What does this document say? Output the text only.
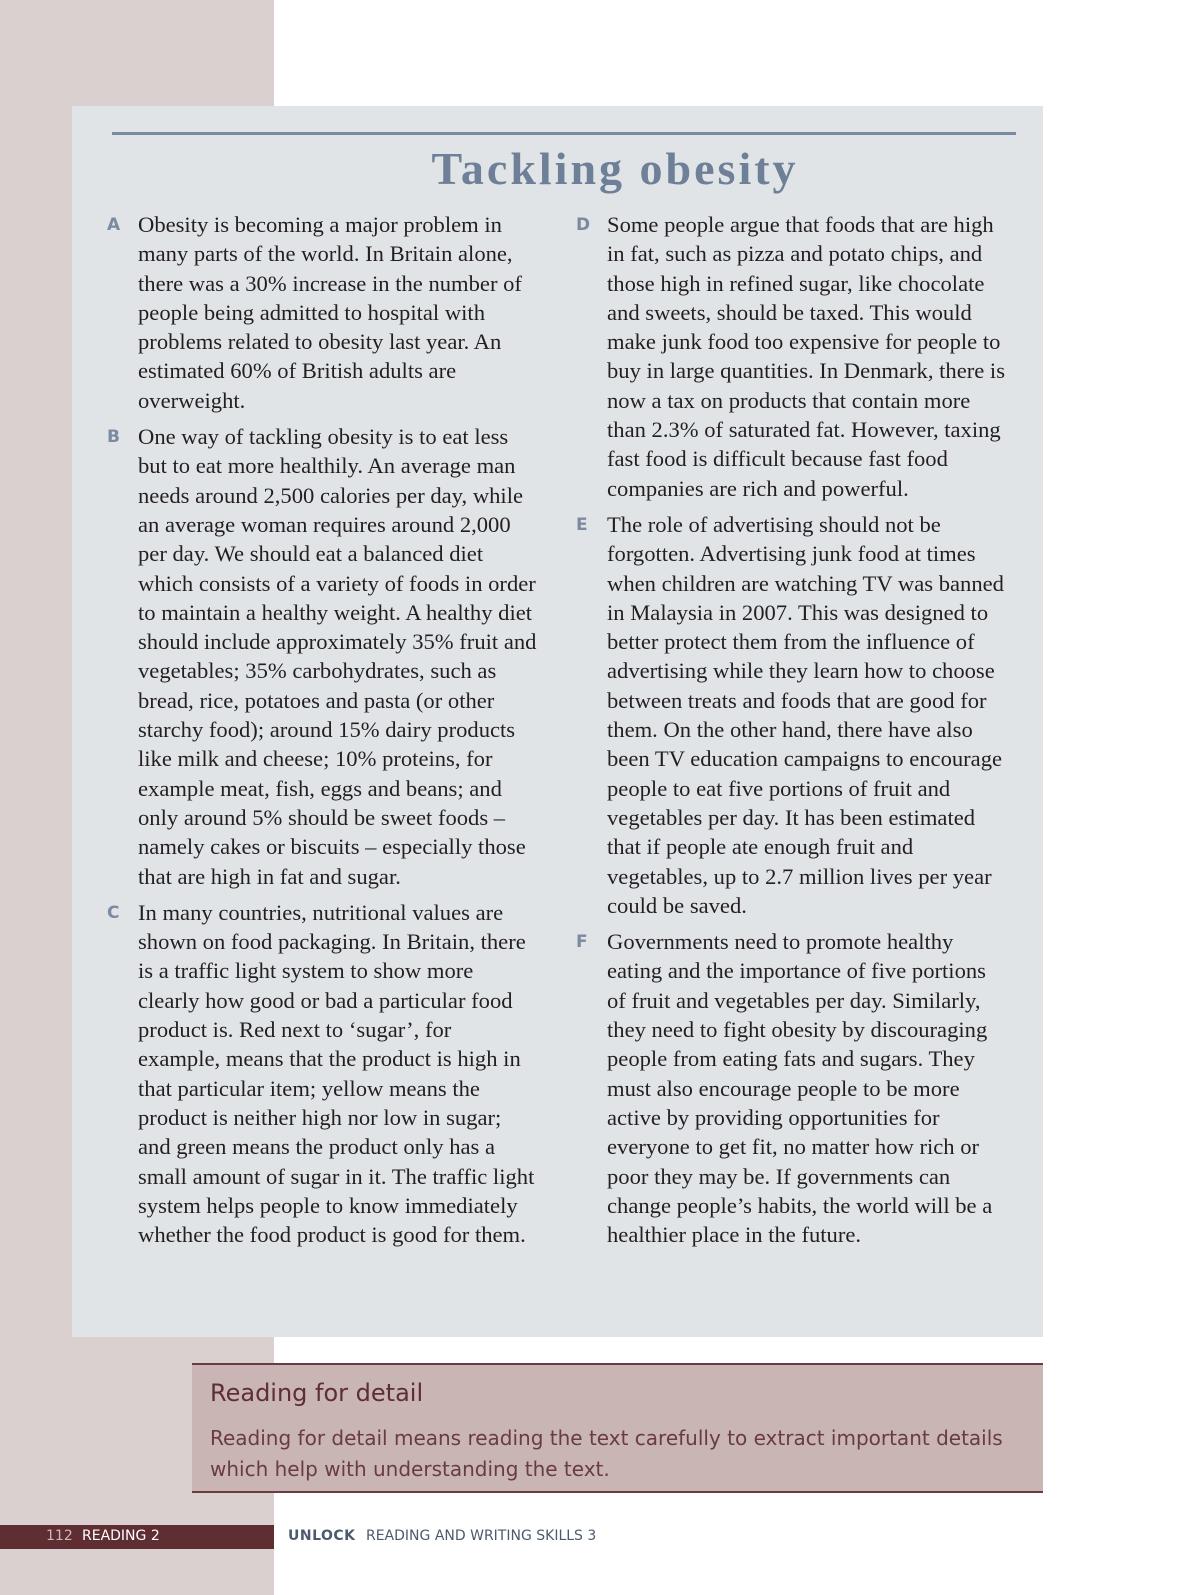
Tackling obesity
A Obesity is becoming a major problem in many parts of the world. In Britain alone, there was a 30% increase in the number of people being admitted to hospital with problems related to obesity last year. An estimated 60% of British adults are overweight.
B One way of tackling obesity is to eat less but to eat more healthily. An average man needs around 2,500 calories per day, while an average woman requires around 2,000 per day. We should eat a balanced diet which consists of a variety of foods in order to maintain a healthy weight. A healthy diet should include approximately 35% fruit and vegetables; 35% carbohydrates, such as bread, rice, potatoes and pasta (or other starchy food); around 15% dairy products like milk and cheese; 10% proteins, for example meat, fish, eggs and beans; and only around 5% should be sweet foods – namely cakes or biscuits – especially those that are high in fat and sugar.
C In many countries, nutritional values are shown on food packaging. In Britain, there is a traffic light system to show more clearly how good or bad a particular food product is. Red next to ‘sugar’, for example, means that the product is high in that particular item; yellow means the product is neither high nor low in sugar; and green means the product only has a small amount of sugar in it. The traffic light system helps people to know immediately whether the food product is good for them.
D Some people argue that foods that are high in fat, such as pizza and potato chips, and those high in refined sugar, like chocolate and sweets, should be taxed. This would make junk food too expensive for people to buy in large quantities. In Denmark, there is now a tax on products that contain more than 2.3% of saturated fat. However, taxing fast food is difficult because fast food companies are rich and powerful.
E The role of advertising should not be forgotten. Advertising junk food at times when children are watching TV was banned in Malaysia in 2007. This was designed to better protect them from the influence of advertising while they learn how to choose between treats and foods that are good for them. On the other hand, there have also been TV education campaigns to encourage people to eat five portions of fruit and vegetables per day. It has been estimated that if people ate enough fruit and vegetables, up to 2.7 million lives per year could be saved.
F Governments need to promote healthy eating and the importance of five portions of fruit and vegetables per day. Similarly, they need to fight obesity by discouraging people from eating fats and sugars. They must also encourage people to be more active by providing opportunities for everyone to get fit, no matter how rich or poor they may be. If governments can change people’s habits, the world will be a healthier place in the future.
Reading for detail
Reading for detail means reading the text carefully to extract important details which help with understanding the text.
112 READING 2	UNLOCK READING AND WRITING SKILLS 3
